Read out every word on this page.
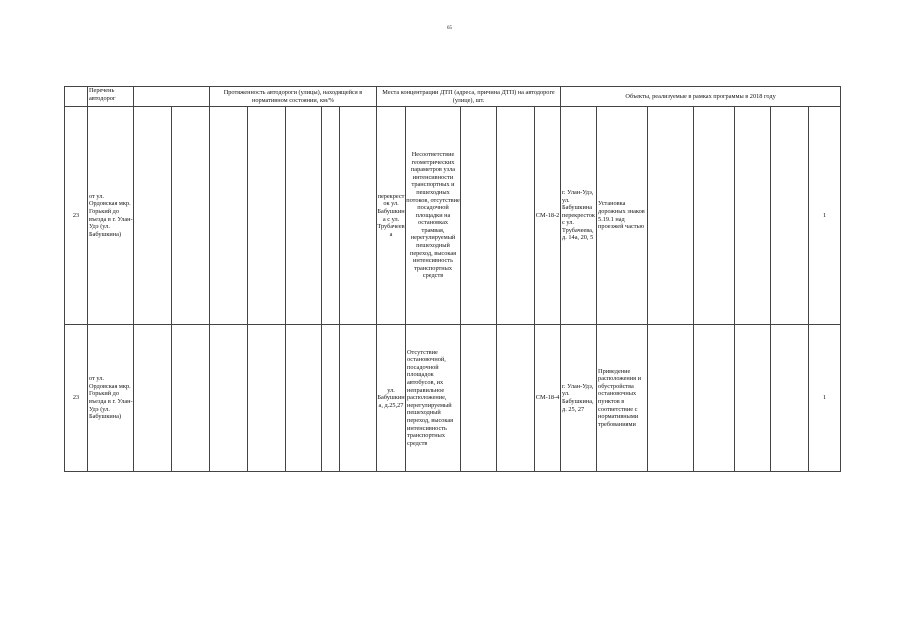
65

	Перечень автодорог			Протяженность автодороги (улицы), находящейся в нормативном состоянии, км/%					Места концентрации ДТП (адреса, причина ДТП) на автодороге (улице), шт.					Объекты, реализуемые в рамках программы в 2018 году						
23	от ул. Ордовская мкр. Горький до въезда в г. Улан-Удэ (ул. Бабушкина)								перекресток ул. Бабушкина с ул. Трубачеева	Несоответствие геометрических параметров узла интенсивности транспортных и пешеходных потоков, отсутствие посадочной площадки на остановках трамвая, нерегулируемый пешеходный переход, высокая интенсивность транспортных средств			СМ-18-2	г. Улан-Удэ, ул. Бабушкина перекресток с ул. Трубачеева, д. 14а, 20, 5	Установка дорожных знаков 5.19.1 над проезжей частью					1
23	от ул. Ордовская мкр. Горький до въезда в г. Улан-Удэ (ул. Бабушкина)								ул. Бабушкина, д.25,27	Отсутствие остановочной, посадочной площадок автобусов, их неправильное расположение, нерегулируемый пешеходный переход, высокая интенсивность транспортных средств			СМ-18-4	г. Улан-Удэ, ул. Бабушкина, д. 25, 27	Приведение расположения и обустройства остановочных пунктов в соответствие с нормативными требованиями					1
